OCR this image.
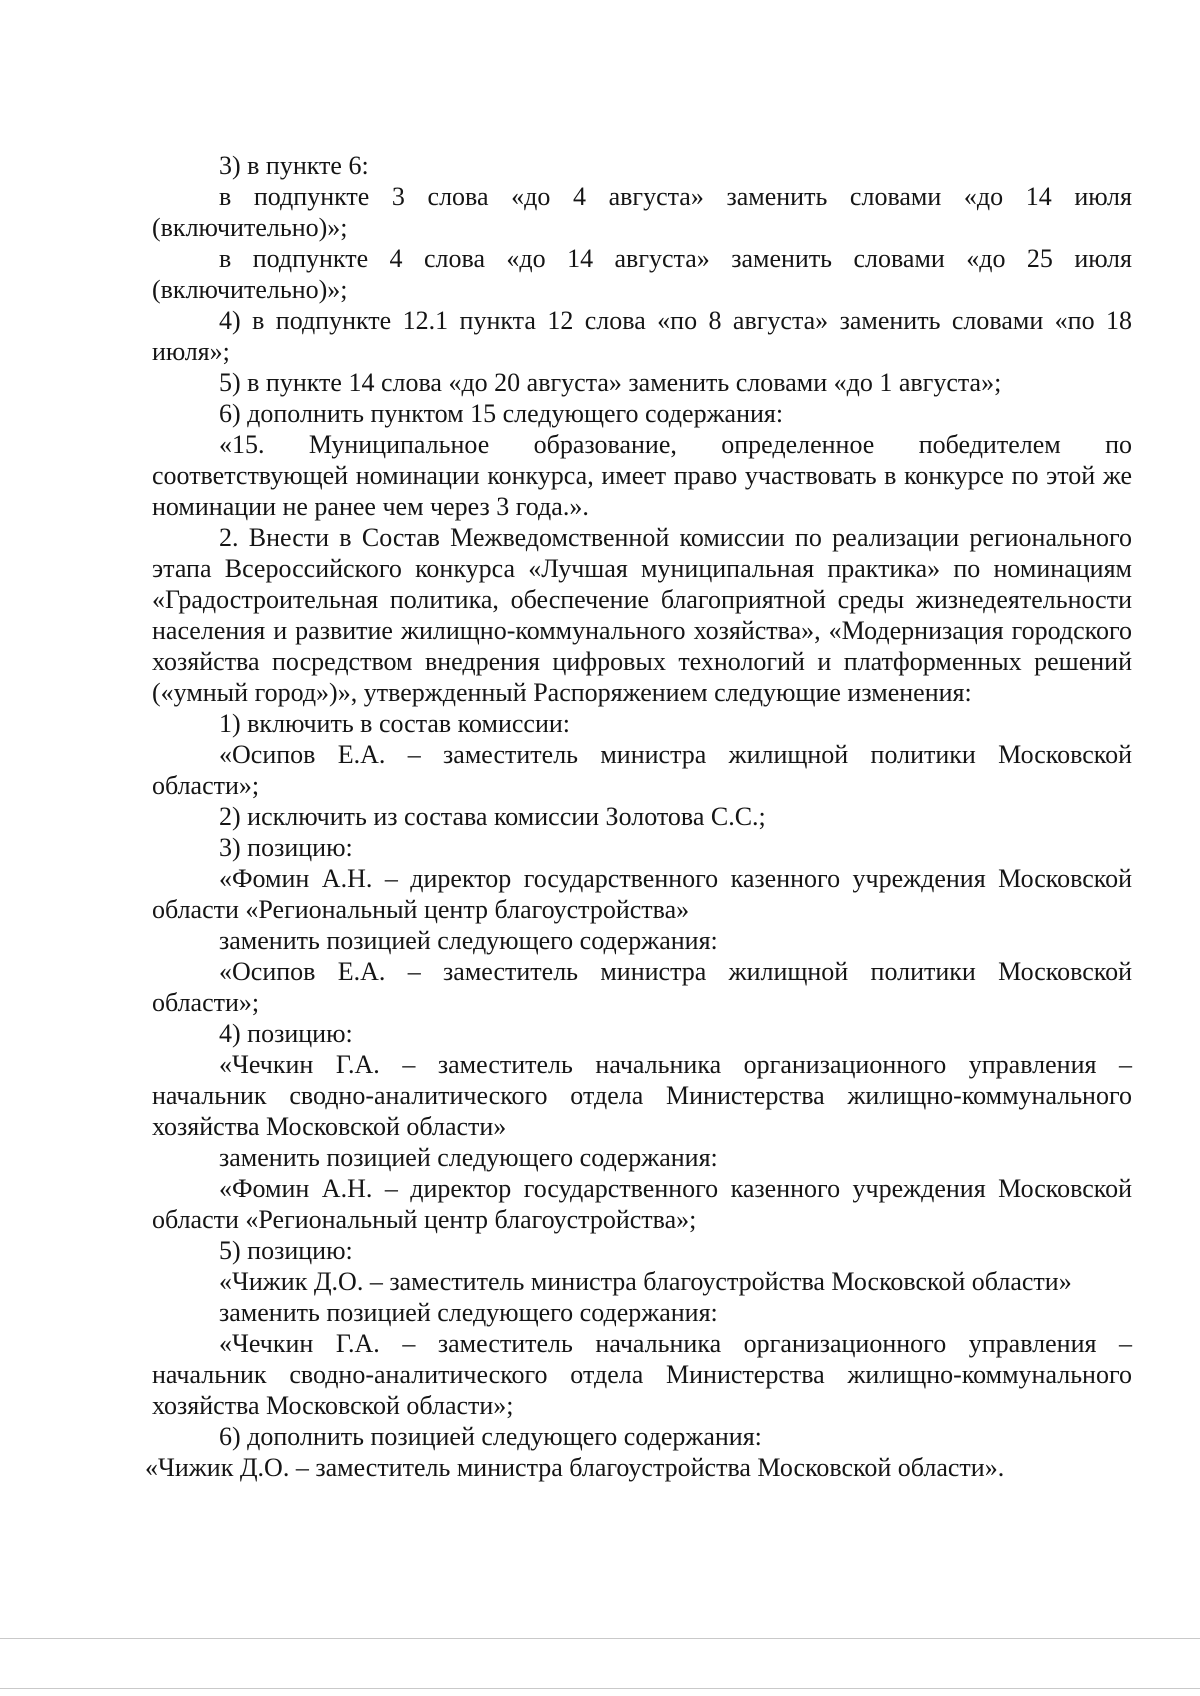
3) в пункте 6:

в подпункте 3 слова «до 4 августа» заменить словами «до 14 июля (включительно)»;

в подпункте 4 слова «до 14 августа» заменить словами «до 25 июля (включительно)»;

4) в подпункте 12.1 пункта 12 слова «по 8 августа» заменить словами «по 18 июля»;

5) в пункте 14 слова «до 20 августа» заменить словами «до 1 августа»;

6) дополнить пунктом 15 следующего содержания:

«15. Муниципальное образование, определенное победителем по соответствующей номинации конкурса, имеет право участвовать в конкурсе по этой же номинации не ранее чем через 3 года.».

2. Внести в Состав Межведомственной комиссии по реализации регионального этапа Всероссийского конкурса «Лучшая муниципальная практика» по номинациям «Градостроительная политика, обеспечение благоприятной среды жизнедеятельности населения и развитие жилищно-коммунального хозяйства», «Модернизация городского хозяйства посредством внедрения цифровых технологий и платформенных решений («умный город»)», утвержденный Распоряжением следующие изменения:

1) включить в состав комиссии:

«Осипов Е.А. – заместитель министра жилищной политики Московской области»;

2) исключить из состава комиссии Золотова С.С.;

3) позицию:

«Фомин А.Н. – директор государственного казенного учреждения Московской области «Региональный центр благоустройства»

заменить позицией следующего содержания:

«Осипов Е.А. – заместитель министра жилищной политики Московской области»;

4) позицию:

«Чечкин Г.А. – заместитель начальника организационного управления – начальник сводно-аналитического отдела Министерства жилищно-коммунального хозяйства Московской области»

заменить позицией следующего содержания:

«Фомин А.Н. – директор государственного казенного учреждения Московской области «Региональный центр благоустройства»;

5) позицию:

«Чижик Д.О. – заместитель министра благоустройства Московской области»

заменить позицией следующего содержания:

«Чечкин Г.А. – заместитель начальника организационного управления – начальник сводно-аналитического отдела Министерства жилищно-коммунального хозяйства Московской области»;

6) дополнить позицией следующего содержания:

«Чижик Д.О. – заместитель министра благоустройства Московской области».
